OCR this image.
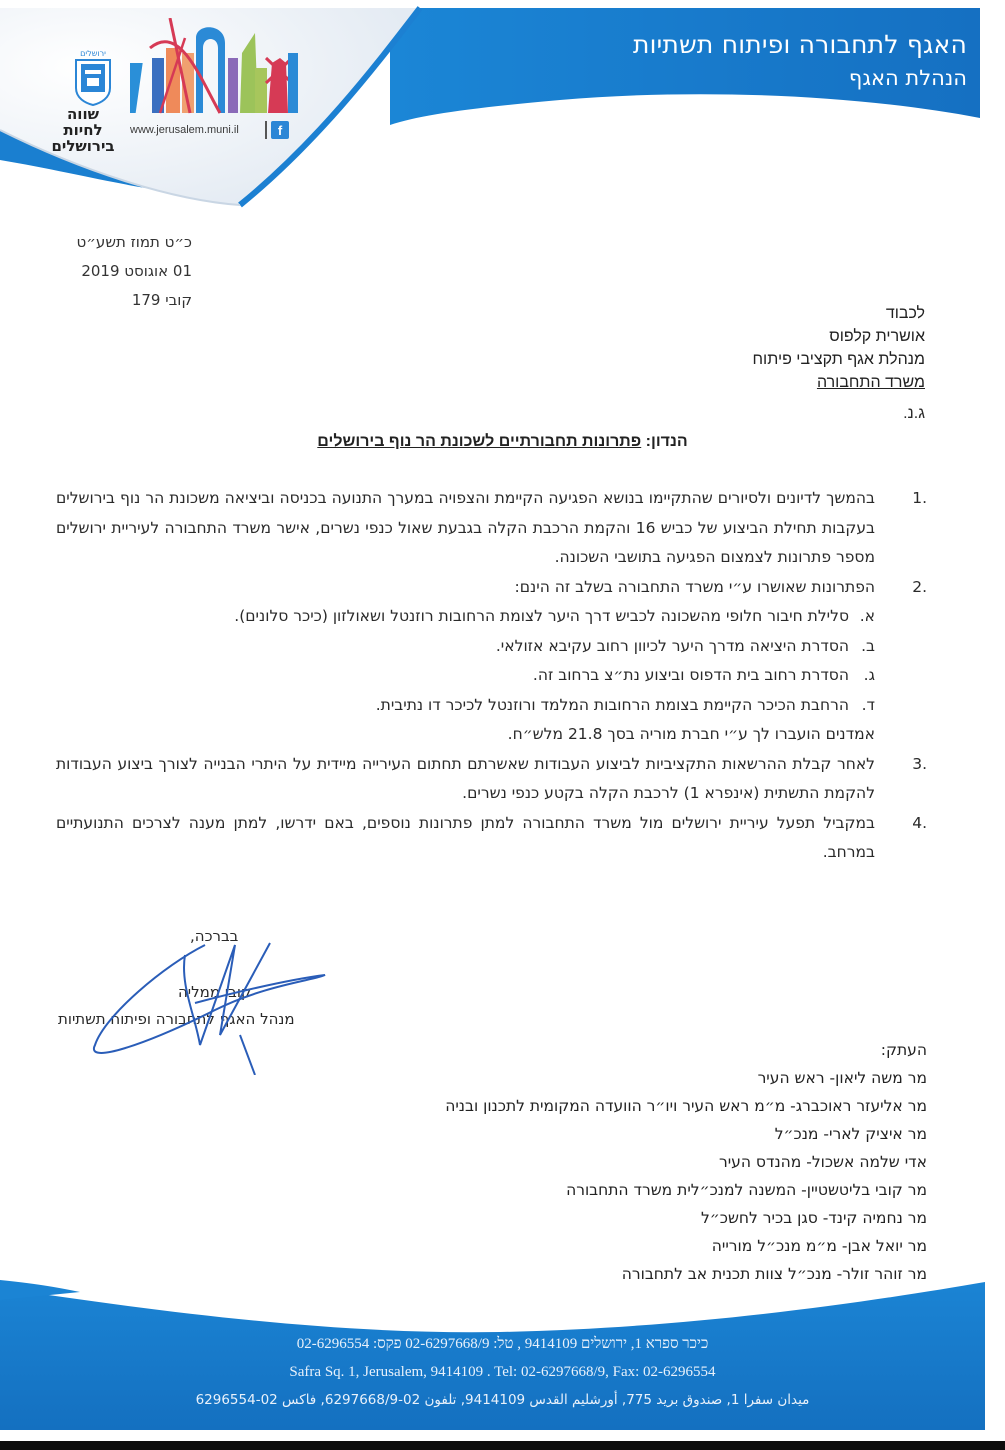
האגף לתחבורה ופיתוח תשתיות
הנהלת האגף
ירושלים
שווה לחיות
בירושלים
www.jerusalem.muni.il	f
כ״ט תמוז תשע״ט
01 אוגוסט 2019
קובי 179
לכבוד
אושרית קלפוס
מנהלת אגף תקציבי פיתוח
משרד התחבורה
ג.נ.
הנדון: פתרונות תחבורתיים לשכונת הר נוף בירושלים
.1
בהמשך לדיונים ולסיורים שהתקיימו בנושא הפגיעה הקיימת והצפויה במערך התנועה בכניסה וביציאה משכונת הר נוף בירושלים בעקבות תחילת הביצוע של כביש 16 והקמת הרכבת הקלה בגבעת שאול כנפי נשרים, אישר משרד התחבורה לעיריית ירושלים מספר פתרונות לצמצום הפגיעה בתושבי השכונה.
.2
הפתרונות שאושרו ע״י משרד התחבורה בשלב זה הינם:
א.
סלילת חיבור חלופי מהשכונה לכביש דרך היער לצומת הרחובות רוזנטל ושאולזון (כיכר סלונים).
ב.
הסדרת היציאה מדרך היער לכיוון רחוב עקיבא אזולאי.
ג.
הסדרת רחוב בית הדפוס וביצוע נת״צ ברחוב זה.
ד.
הרחבת הכיכר הקיימת בצומת הרחובות המלמד ורוזנטל לכיכר דו נתיבית.
אמדנים הועברו לך ע״י חברת מוריה בסך 21.8 מלש״ח.
.3
לאחר קבלת ההרשאות התקציביות לביצוע העבודות שאשרתם תחתום העירייה מיידית על היתרי הבנייה לצורך ביצוע העבודות להקמת התשתית (אינפרא 1) לרכבת הקלה בקטע כנפי נשרים.
.4
במקביל תפעל עיריית ירושלים מול משרד התחבורה למתן פתרונות נוספים, באם ידרשו, למתן מענה לצרכים התנועתיים במרחב.
בברכה,
קובי ממליה
מנהל האגף לתחבורה ופיתוח תשתיות
העתק:
מר משה ליאון- ראש העיר
מר אליעזר ראוכברג- מ״מ ראש העיר ויו״ר הוועדה המקומית לתכנון ובניה
מר איציק לארי- מנכ״ל
אדי שלמה אשכול- מהנדס העיר
מר קובי בליטשטיין- המשנה למנכ״לית משרד התחבורה
מר נחמיה קינד- סגן בכיר לחשכ״ל
מר יואל אבן- מ״מ מנכ״ל מורייה
מר זוהר זולר- מנכ״ל צוות תכנית אב לתחבורה
כיכר ספרא 1, ירושלים 9414109 , טל: 02-6297668/9 פקס: 02-6296554
Safra Sq. 1, Jerusalem, 9414109 . Tel: 02-6297668/9, Fax: 02-6296554
ميدان سفرا 1, صندوق بريد 775, أورشليم القدس 9414109, تلفون 02-6297668/9, فاكس 02-6296554
